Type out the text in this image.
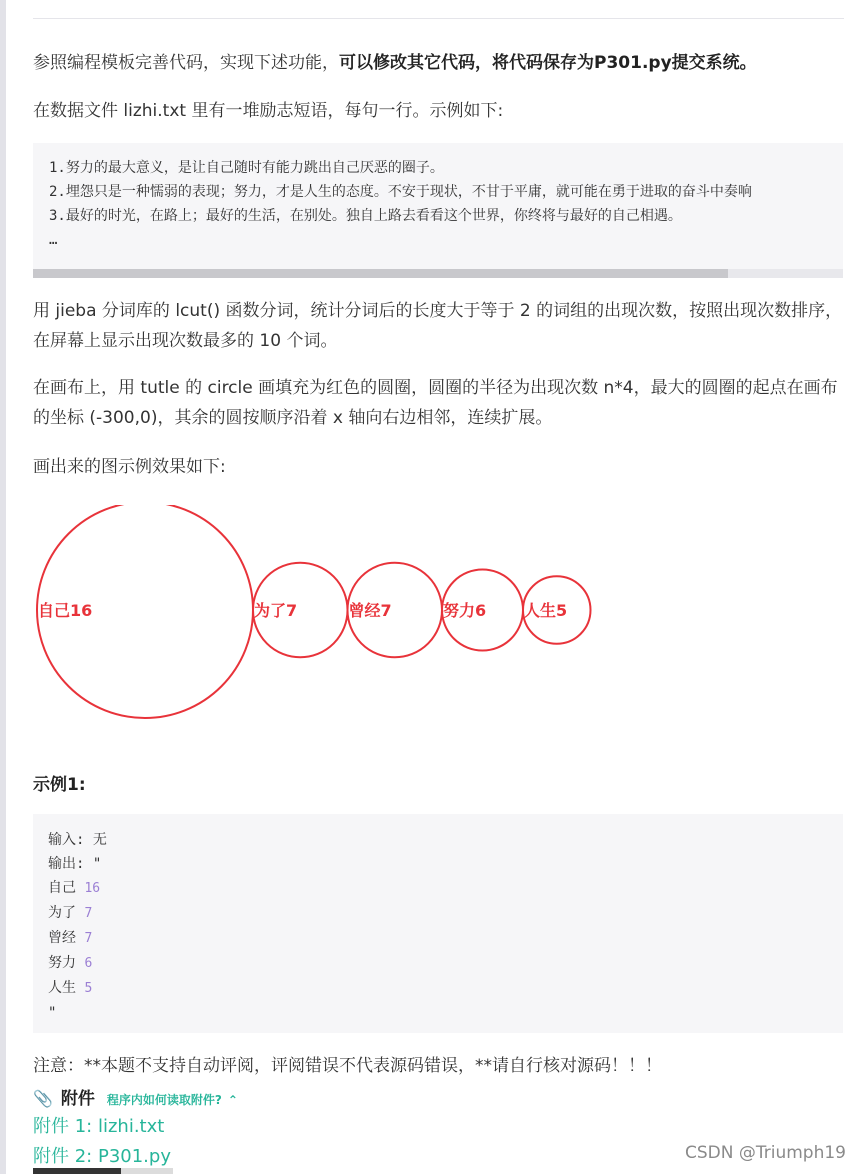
参照编程模板完善代码，实现下述功能，可以修改其它代码，将代码保存为P301.py提交系统。

在数据文件 lizhi.txt 里有一堆励志短语，每句一行。示例如下:

1.努力的最大意义，是让自己随时有能力跳出自己厌恶的圈子。
2.埋怨只是一种懦弱的表现；努力，才是人生的态度。不安于现状，不甘于平庸，就可能在勇于进取的奋斗中奏响
3.最好的时光，在路上；最好的生活，在别处。独自上路去看看这个世界，你终将与最好的自己相遇。
…

用 jieba 分词库的 lcut() 函数分词，统计分词后的长度大于等于 2 的词组的出现次数，按照出现次数排序，在屏幕上显示出现次数最多的 10 个词。

在画布上，用 tutle 的 circle 画填充为红色的圆圈，圆圈的半径为出现次数 n*4，最大的圆圈的起点在画布的坐标 (-300,0)，其余的圆按顺序沿着 x 轴向右边相邻，连续扩展。

画出来的图示例效果如下:

自己16	为了7	曾经7	努力6 人生5
示例1:
输入: 无
输出: "
自己 16
为了 7
曾经 7
努力 6
人生 5
"

注意：**本题不支持自动评阅，评阅错误不代表源码错误，**请自行核对源码！！！

📎 附件 程序内如何读取附件? ⌃
附件 1: lizhi.txt
附件 2: P301.py	CSDN @Triumph19
